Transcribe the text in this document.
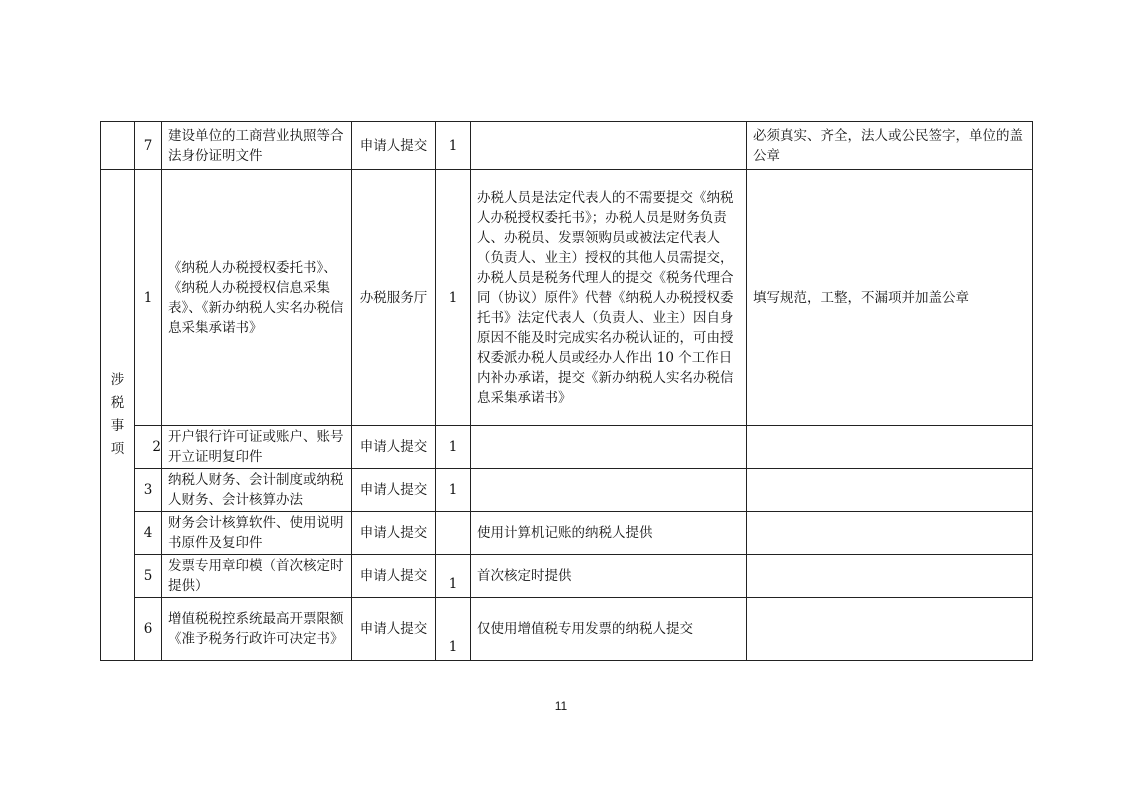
	7	建设单位的工商营业执照等合法身份证明文件	申请人提交	1		必须真实、齐全，法人或公民签字，单位的盖公章

涉
税
事
项	1	《纳税人办税授权委托书》、《纳税人办税授权信息采集表》、《新办纳税人实名办税信息采集承诺书》	办税服务厅	1	办税人员是法定代表人的不需要提交《纳税人办税授权委托书》；办税人员是财务负责人、办税员、发票领购员或被法定代表人（负责人、业主）授权的其他人员需提交，办税人员是税务代理人的提交《税务代理合同（协议）原件》代替《纳税人办税授权委托书》法定代表人（负责人、业主）因自身原因不能及时完成实名办税认证的，可由授权委派办税人员或经办人作出 10 个工作日内补办承诺，提交《新办纳税人实名办税信息采集承诺书》	填写规范，工整，不漏项并加盖公章
	2	开户银行许可证或账户、账号开立证明复印件	申请人提交	1		
	3	纳税人财务、会计制度或纳税人财务、会计核算办法	申请人提交	1		
	4	财务会计核算软件、使用说明书原件及复印件	申请人提交		使用计算机记账的纳税人提供	
	5	发票专用章印模（首次核定时提供）	申请人提交	1	首次核定时提供	
	6	增值税税控系统最高开票限额《准予税务行政许可决定书》	申请人提交	1	仅使用增值税专用发票的纳税人提交	
11
